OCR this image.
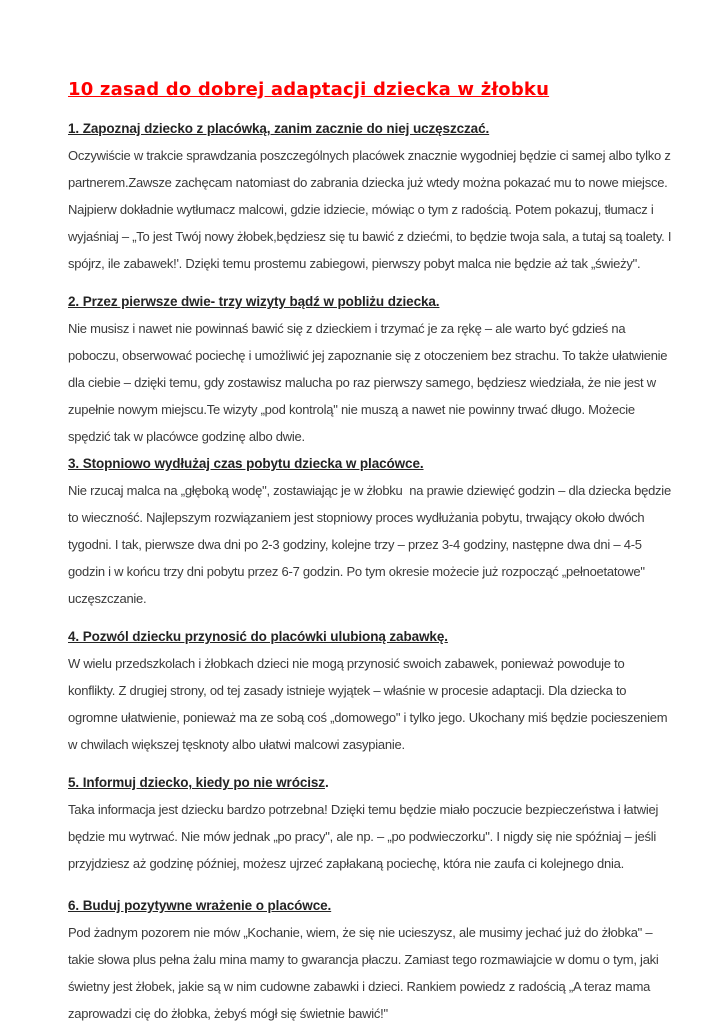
10 zasad do dobrej adaptacji dziecka w żłobku
1. Zapoznaj dziecko z placówką, zanim zacznie do niej uczęszczać.

Oczywiście w trakcie sprawdzania poszczególnych placówek znacznie wygodniej będzie ci samej albo tylko z partnerem.Zawsze zachęcam natomiast do zabrania dziecka już wtedy można pokazać mu to nowe miejsce.

Najpierw dokładnie wytłumacz malcowi, gdzie idziecie, mówiąc o tym z radością. Potem pokazuj, tłumacz i wyjaśniaj – „To jest Twój nowy żłobek,będziesz się tu bawić z dziećmi, to będzie twoja sala, a tutaj są toalety. I spójrz, ile zabawek!'. Dzięki temu prostemu zabiegowi, pierwszy pobyt malca nie będzie aż tak „świeży".

2. Przez pierwsze dwie- trzy wizyty bądź w pobliżu dziecka.

Nie musisz i nawet nie powinnaś bawić się z dzieckiem i trzymać je za rękę – ale warto być gdzieś na poboczu, obserwować pociechę i umożliwić jej zapoznanie się z otoczeniem bez strachu. To także ułatwienie dla ciebie – dzięki temu, gdy zostawisz malucha po raz pierwszy samego, będziesz wiedziała, że nie jest w zupełnie nowym miejscu.Te wizyty „pod kontrolą" nie muszą a nawet nie powinny trwać długo. Możecie spędzić tak w placówce godzinę albo dwie.

3. Stopniowo wydłużaj czas pobytu dziecka w placówce.

Nie rzucaj malca na „głęboką wodę", zostawiając je w żłobku  na prawie dziewięć godzin – dla dziecka będzie to wieczność. Najlepszym rozwiązaniem jest stopniowy proces wydłużania pobytu, trwający około dwóch tygodni. I tak, pierwsze dwa dni po 2-3 godziny, kolejne trzy – przez 3-4 godziny, następne dwa dni – 4-5 godzin i w końcu trzy dni pobytu przez 6-7 godzin. Po tym okresie możecie już rozpocząć „pełnoetatowe" uczęszczanie.

4. Pozwól dziecku przynosić do placówki ulubioną zabawkę.

W wielu przedszkolach i żłobkach dzieci nie mogą przynosić swoich zabawek, ponieważ powoduje to konflikty. Z drugiej strony, od tej zasady istnieje wyjątek – właśnie w procesie adaptacji. Dla dziecka to ogromne ułatwienie, ponieważ ma ze sobą coś „domowego" i tylko jego. Ukochany miś będzie pocieszeniem w chwilach większej tęsknoty albo ułatwi malcowi zasypianie.

5. Informuj dziecko, kiedy po nie wrócisz.

Taka informacja jest dziecku bardzo potrzebna! Dzięki temu będzie miało poczucie bezpieczeństwa i łatwiej będzie mu wytrwać. Nie mów jednak „po pracy", ale np. – „po podwieczorku". I nigdy się nie spóźniaj – jeśli przyjdziesz aż godzinę później, możesz ujrzeć zapłakaną pociechę, która nie zaufa ci kolejnego dnia.

6. Buduj pozytywne wrażenie o placówce.

Pod żadnym pozorem nie mów „Kochanie, wiem, że się nie ucieszysz, ale musimy jechać już do żłobka" – takie słowa plus pełna żalu mina mamy to gwarancja płaczu. Zamiast tego rozmawiajcie w domu o tym, jaki świetny jest żłobek, jakie są w nim cudowne zabawki i dzieci. Rankiem powiedz z radością „A teraz mama zaprowadzi cię do żłobka, żebyś mógł się świetnie bawić!"
